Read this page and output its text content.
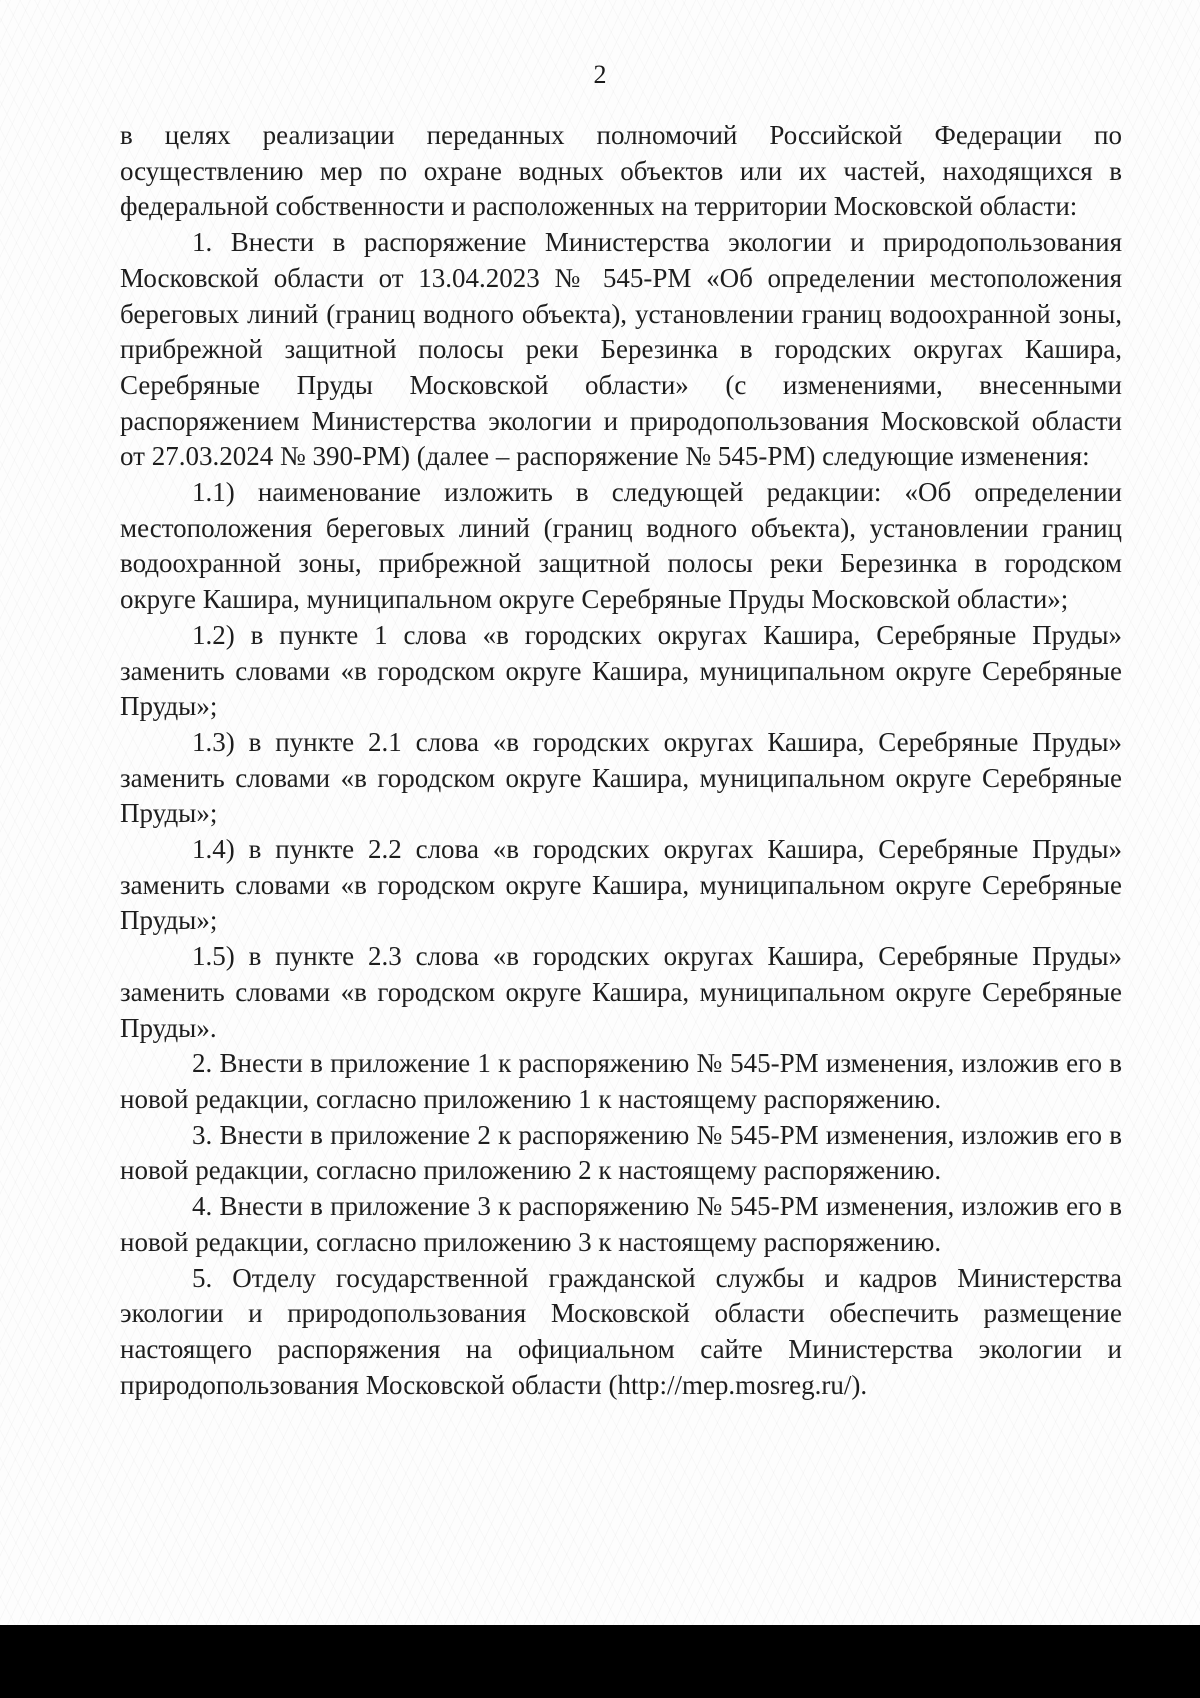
2

в целях реализации переданных полномочий Российской Федерации по осуществлению мер по охране водных объектов или их частей, находящихся в федеральной собственности и расположенных на территории Московской области:

1. Внести в распоряжение Министерства экологии и природопользования Московской области от 13.04.2023 № 545-РМ «Об определении местоположения береговых линий (границ водного объекта), установлении границ водоохранной зоны, прибрежной защитной полосы реки Березинка в городских округах Кашира, Серебряные Пруды Московской области» (с изменениями, внесенными распоряжением Министерства экологии и природопользования Московской области от 27.03.2024 № 390-РМ) (далее – распоряжение № 545-РМ) следующие изменения:

1.1) наименование изложить в следующей редакции: «Об определении местоположения береговых линий (границ водного объекта), установлении границ водоохранной зоны, прибрежной защитной полосы реки Березинка в городском округе Кашира, муниципальном округе Серебряные Пруды Московской области»;

1.2) в пункте 1 слова «в городских округах Кашира, Серебряные Пруды» заменить словами «в городском округе Кашира, муниципальном округе Серебряные Пруды»;

1.3) в пункте 2.1 слова «в городских округах Кашира, Серебряные Пруды» заменить словами «в городском округе Кашира, муниципальном округе Серебряные Пруды»;

1.4) в пункте 2.2 слова «в городских округах Кашира, Серебряные Пруды» заменить словами «в городском округе Кашира, муниципальном округе Серебряные Пруды»;

1.5) в пункте 2.3 слова «в городских округах Кашира, Серебряные Пруды» заменить словами «в городском округе Кашира, муниципальном округе Серебряные Пруды».

2. Внести в приложение 1 к распоряжению № 545-РМ изменения, изложив его в новой редакции, согласно приложению 1 к настоящему распоряжению.

3. Внести в приложение 2 к распоряжению № 545-РМ изменения, изложив его в новой редакции, согласно приложению 2 к настоящему распоряжению.

4. Внести в приложение 3 к распоряжению № 545-РМ изменения, изложив его в новой редакции, согласно приложению 3 к настоящему распоряжению.

5. Отделу государственной гражданской службы и кадров Министерства экологии и природопользования Московской области обеспечить размещение настоящего распоряжения на официальном сайте Министерства экологии и природопользования Московской области (http://mep.mosreg.ru/).
